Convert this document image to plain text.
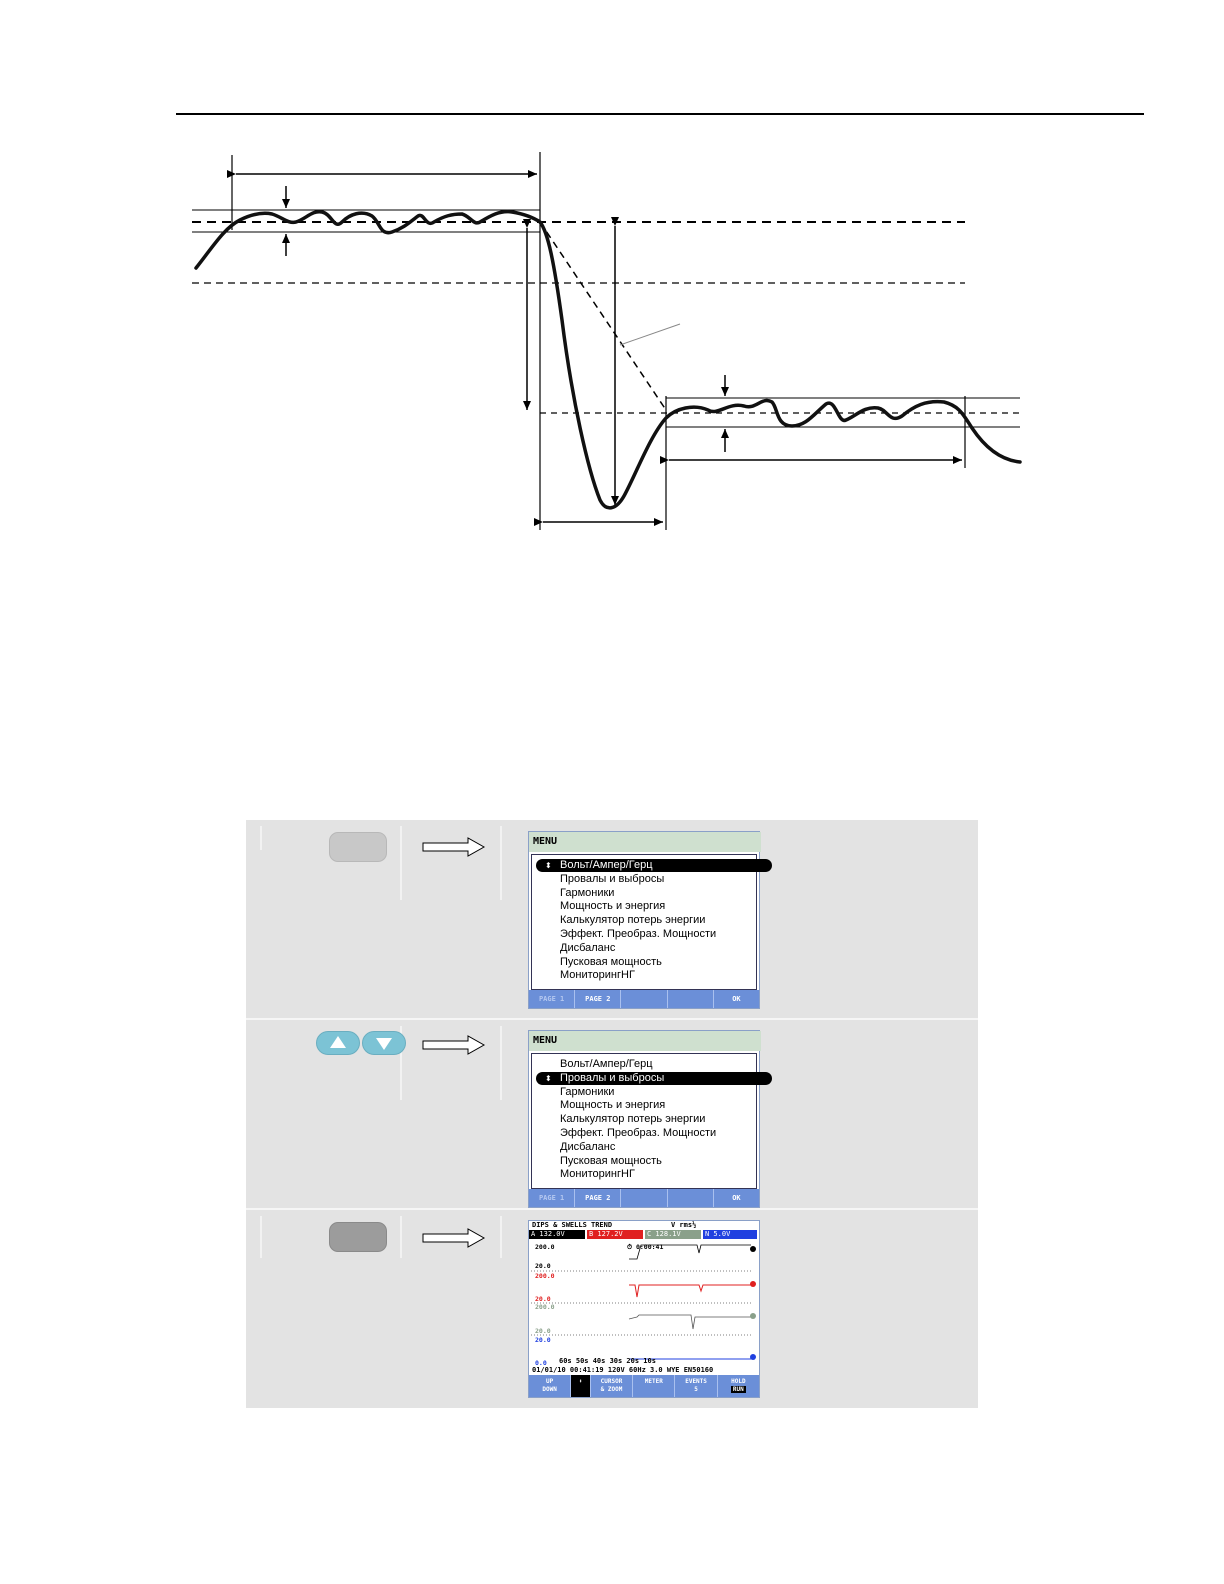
MENU
⬍ Вольт/Ампер/Герц
Провалы и выбросы
Гармоники
Мощность и энергия
Калькулятор потерь энергии
Эффект. Преобраз. Мощности
Дисбаланс
Пусковая мощность
МониторингНГ
PAGE 1	PAGE 2	OK
MENU
Вольт/Ампер/Герц
⬍ Провалы и выбросы
Гармоники
Мощность и энергия
Калькулятор потерь энергии
Эффект. Преобраз. Мощности
Дисбаланс
Пусковая мощность
МониторингНГ
PAGE 1	PAGE 2	OK
DIPS & SWELLS TREND	V rms½
A 132.0V	B 127.2V	C 128.1V	N 5.0V
200.0
20.0
200.0
20.0
200.0
20.0
20.0
0.0
⏱ 0:00:41
60s 50s 40s 30s 20s 10s
01/01/10 00:41:19 120V 60Hz 3.0 WYE EN50160
UP
DOWN
⬍	CURSOR
& ZOOM
METER	EVENTS
5
HOLD
RUN
